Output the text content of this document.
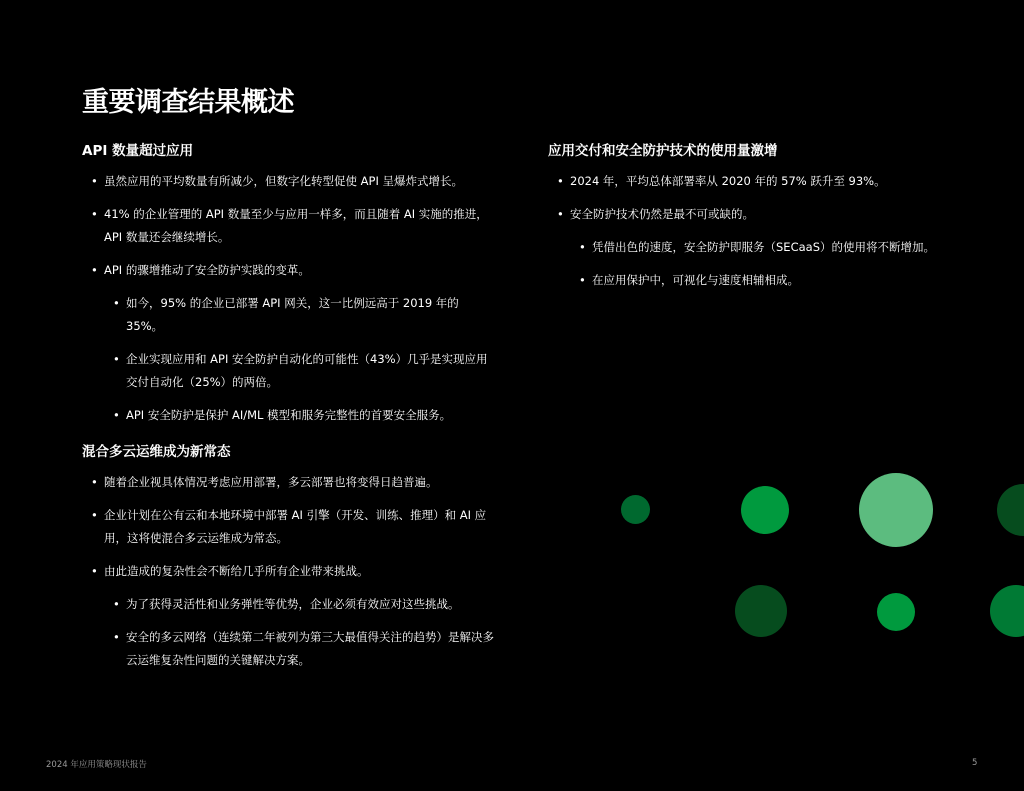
重要调查结果概述
API 数量超过应用
• 虽然应用的平均数量有所减少，但数字化转型促使 API 呈爆炸式增长。
• 41% 的企业管理的 API 数量至少与应用一样多，而且随着 AI 实施的推进，API 数量还会继续增长。
• API 的骤增推动了安全防护实践的变革。
• 如今，95% 的企业已部署 API 网关，这一比例远高于 2019 年的 35%。
• 企业实现应用和 API 安全防护自动化的可能性（43%）几乎是实现应用交付自动化（25%）的两倍。
• API 安全防护是保护 AI/ML 模型和服务完整性的首要安全服务。
混合多云运维成为新常态
• 随着企业视具体情况考虑应用部署，多云部署也将变得日趋普遍。
• 企业计划在公有云和本地环境中部署 AI 引擎（开发、训练、推理）和 AI 应用，这将使混合多云运维成为常态。
• 由此造成的复杂性会不断给几乎所有企业带来挑战。
• 为了获得灵活性和业务弹性等优势，企业必须有效应对这些挑战。
• 安全的多云网络（连续第二年被列为第三大最值得关注的趋势）是解决多云运维复杂性问题的关键解决方案。
应用交付和安全防护技术的使用量激增
• 2024 年，平均总体部署率从 2020 年的 57% 跃升至 93%。
• 安全防护技术仍然是最不可或缺的。
• 凭借出色的速度，安全防护即服务（SECaaS）的使用将不断增加。
• 在应用保护中，可视化与速度相辅相成。
2024 年应用策略现状报告	5
